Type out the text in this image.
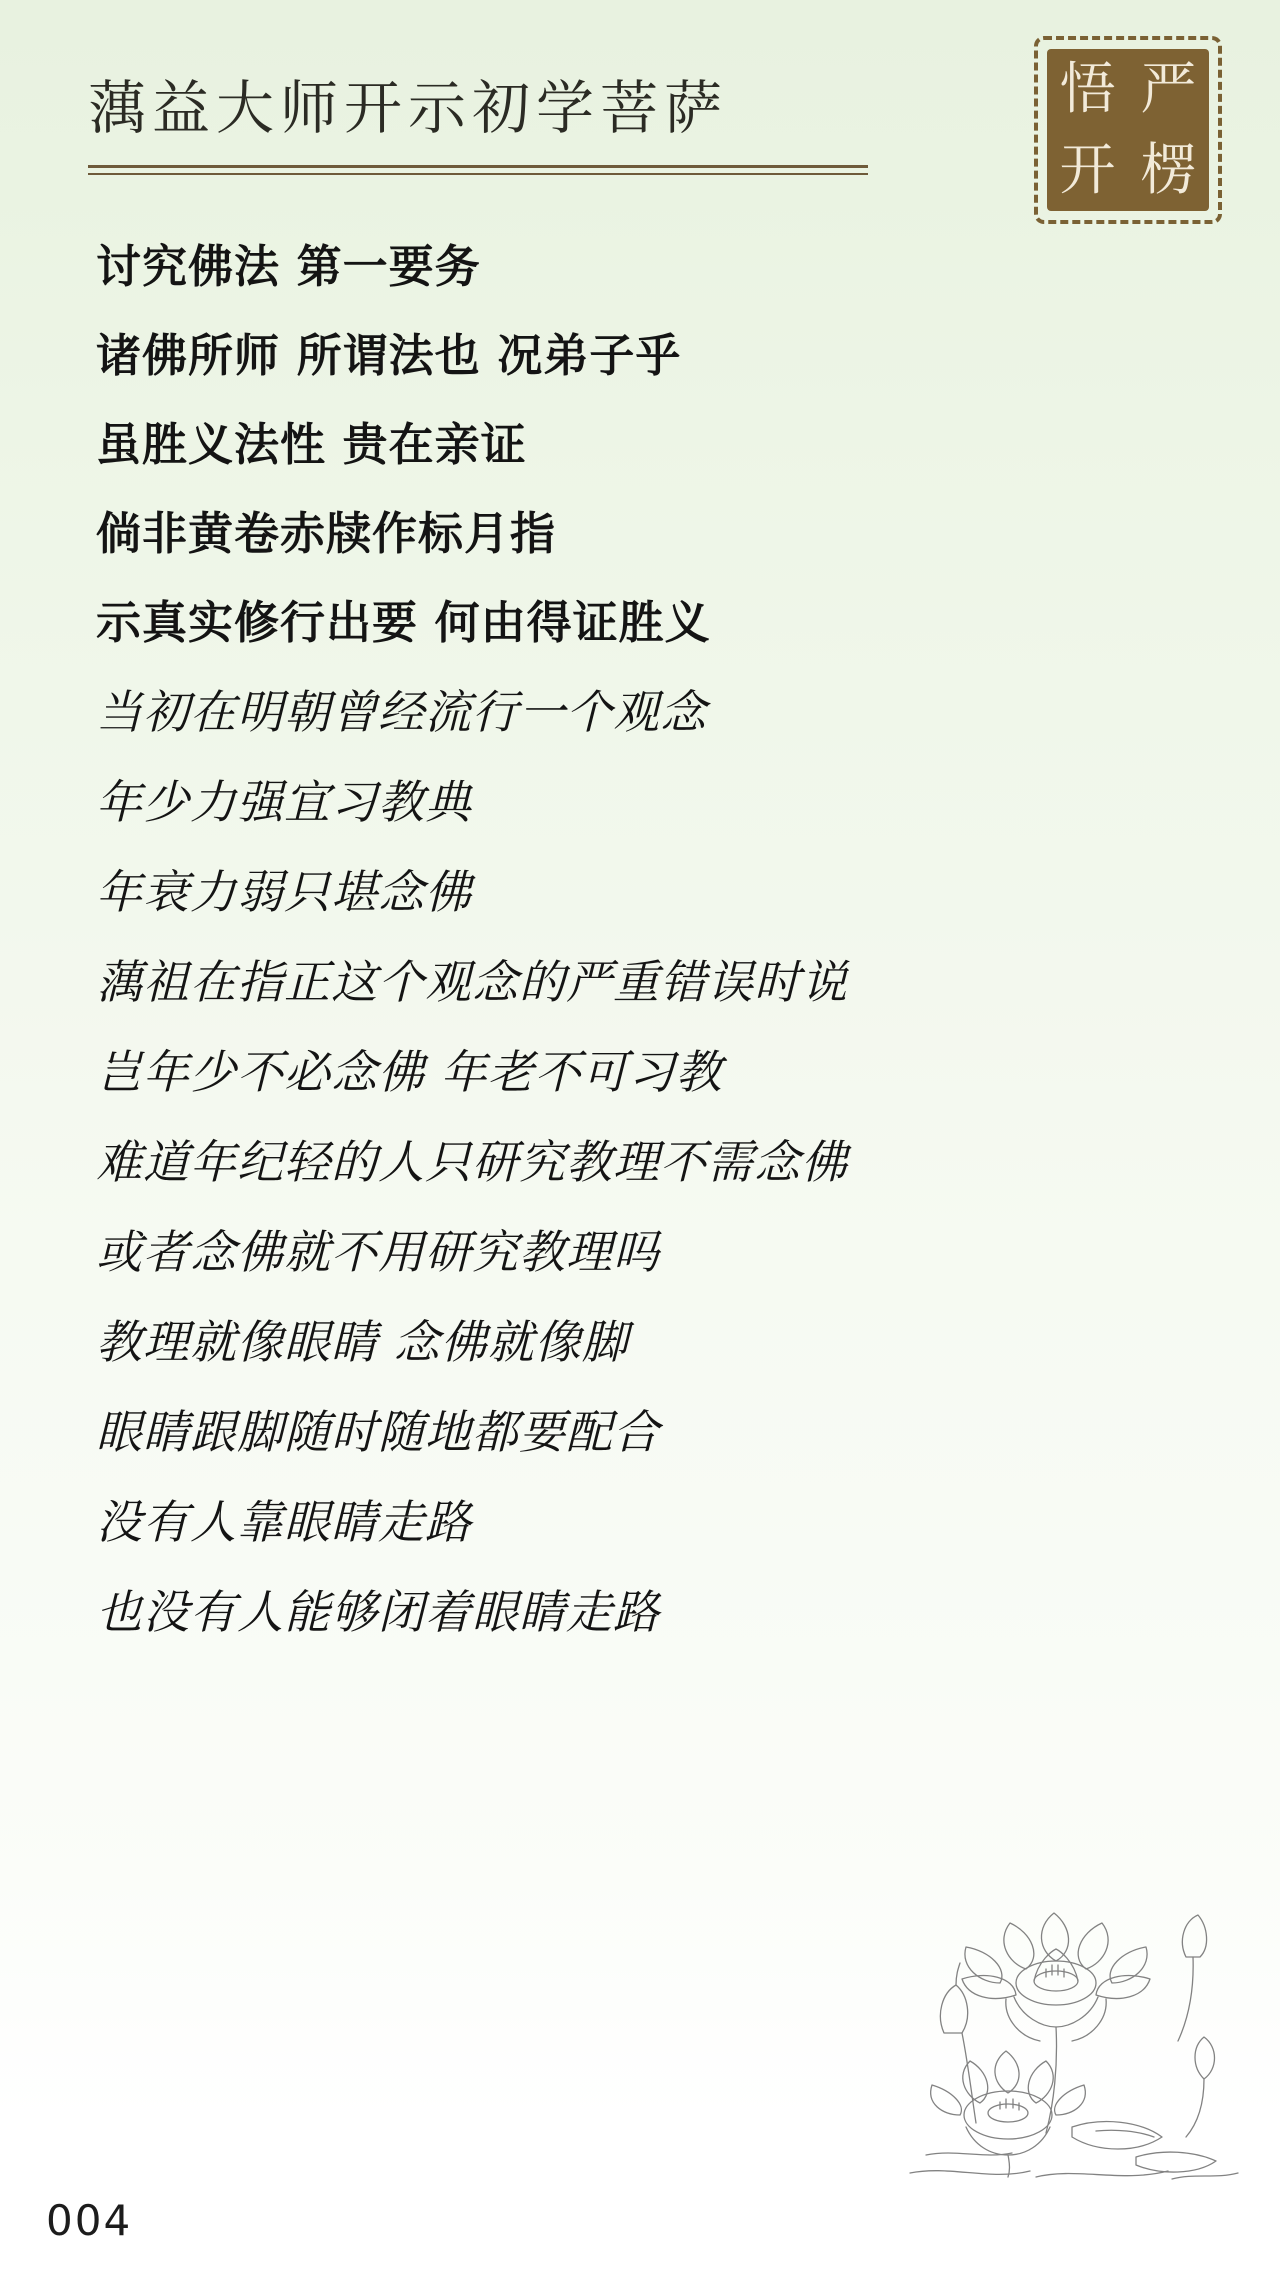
蕅益大师开示初学菩萨
开
悟 严
楞
讨究佛法 第一要务
诸佛所师 所谓法也 况弟子乎
虽胜义法性 贵在亲证
倘非黄卷赤牍作标月指
示真实修行出要 何由得证胜义
当初在明朝曾经流行一个观念
年少力强宜习教典
年衰力弱只堪念佛
蕅祖在指正这个观念的严重错误时说
岂年少不必念佛 年老不可习教
难道年纪轻的人只研究教理不需念佛
或者念佛就不用研究教理吗
教理就像眼睛 念佛就像脚
眼睛跟脚随时随地都要配合
没有人靠眼睛走路
也没有人能够闭着眼睛走路
004
